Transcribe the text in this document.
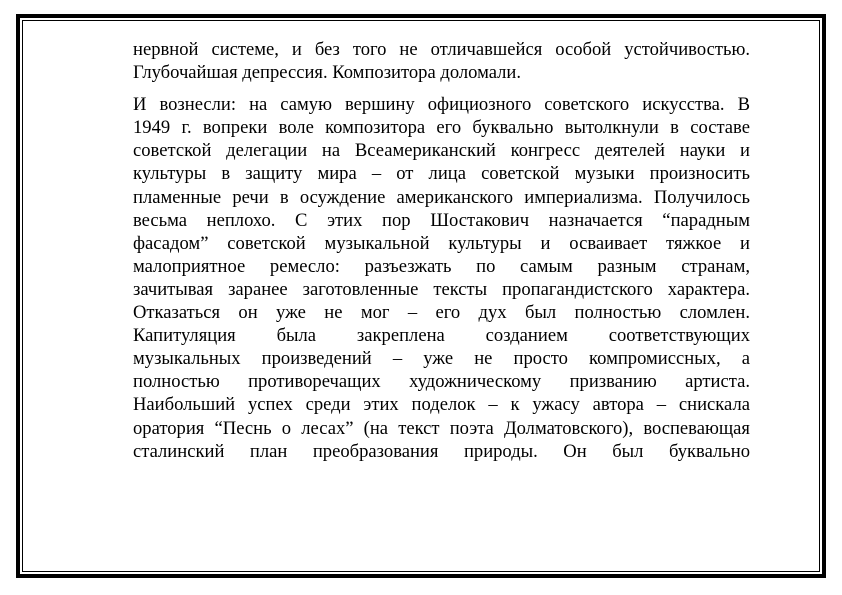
нервной системе, и без того не отличавшейся особой устойчивостью.
Глубочайшая депрессия. Композитора доломали.

И вознесли: на самую вершину официозного советского искусства. В
1949 г. вопреки воле композитора его буквально вытолкнули в составе
советской делегации на Всеамериканский конгресс деятелей науки и
культуры в защиту мира – от лица советской музыки произносить
пламенные речи в осуждение американского империализма. Получилось
весьма неплохо. С этих пор Шостакович назначается “парадным
фасадом” советской музыкальной культуры и осваивает тяжкое и
малоприятное ремесло: разъезжать по самым разным странам,
зачитывая заранее заготовленные тексты пропагандистского характера.
Отказаться он уже не мог – его дух был полностью сломлен.
Капитуляция была закреплена созданием соответствующих
музыкальных произведений – уже не просто компромиссных, а
полностью противоречащих художническому призванию артиста.
Наибольший успех среди этих поделок – к ужасу автора – снискала
оратория “Песнь о лесах” (на текст поэта Долматовского), воспевающая
сталинский план преобразования природы. Он был буквально
